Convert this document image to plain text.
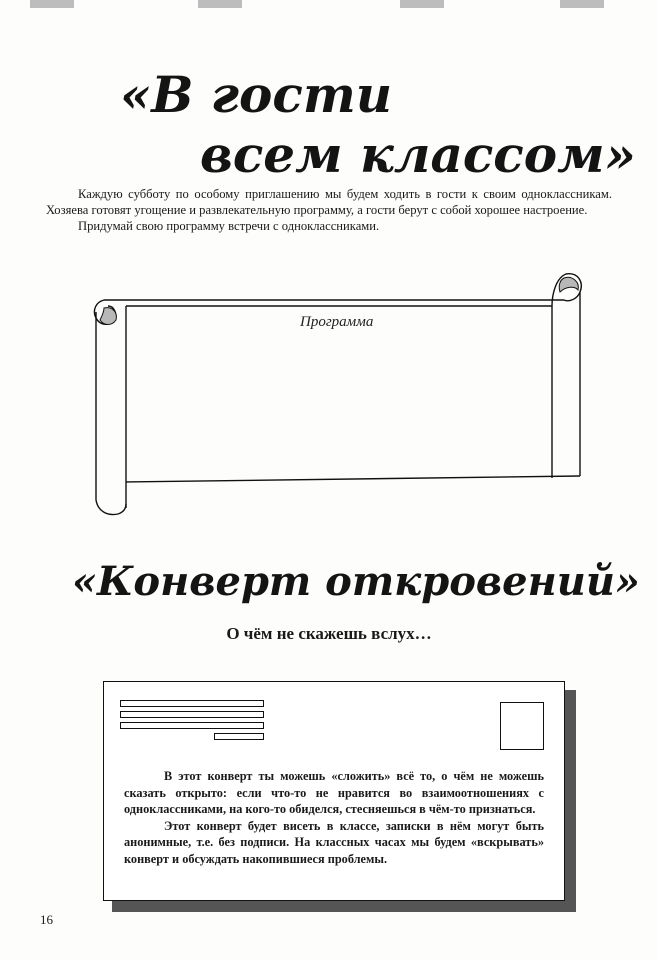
«В гости
всем классом»

Каждую субботу по особому приглашению мы будем ходить в гости к своим одноклассникам. Хозяева готовят угощение и развлекательную программу, а гости берут с собой хорошее настроение.

Придумай свою программу встречи с одноклассниками.

Программа
«Конверт откровений»
О чём не скажешь вслух…

В этот конверт ты можешь «сложить» всё то, о чём не можешь сказать открыто: если что-то не нравится во взаимоотношениях с одноклассниками, на кого-то обиделся, стесняешься в чём-то признаться.

Этот конверт будет висеть в классе, записки в нём могут быть анонимные, т.е. без подписи. На классных часах мы будем «вскрывать» конверт и обсуждать накопившиеся проблемы.

16
